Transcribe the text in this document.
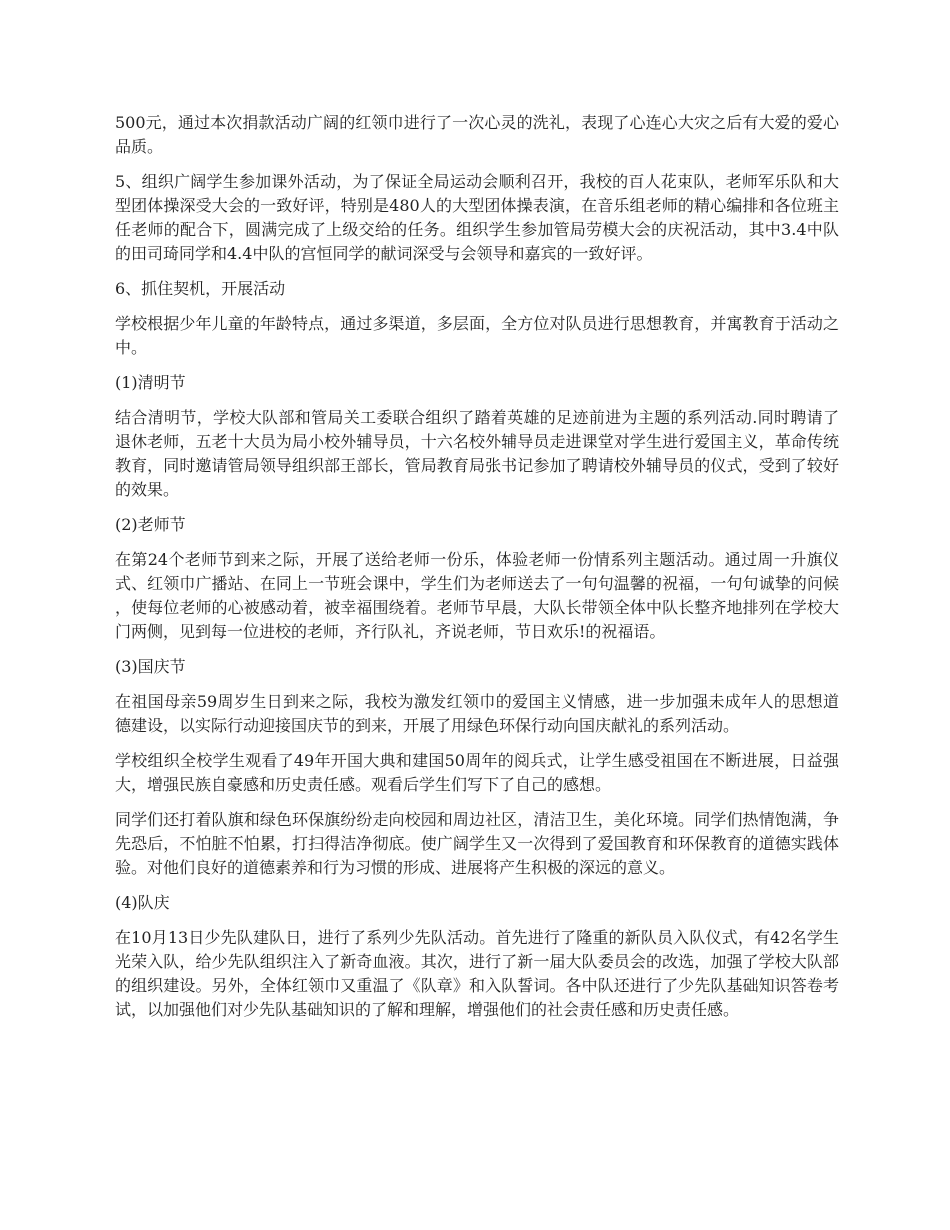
500元，通过本次捐款活动广阔的红领巾进行了一次心灵的洗礼，表现了心连心大灾之后有大爱的爱心品质。

5、组织广阔学生参加课外活动，为了保证全局运动会顺利召开，我校的百人花束队，老师军乐队和大型团体操深受大会的一致好评，特别是480人的大型团体操表演，在音乐组老师的精心编排和各位班主任老师的配合下，圆满完成了上级交给的任务。组织学生参加管局劳模大会的庆祝活动，其中3.4中队的田司琦同学和4.4中队的宫恒同学的献词深受与会领导和嘉宾的一致好评。

6、抓住契机，开展活动

学校根据少年儿童的年龄特点，通过多渠道，多层面，全方位对队员进行思想教育，并寓教育于活动之中。

(1)清明节

结合清明节，学校大队部和管局关工委联合组织了踏着英雄的足迹前进为主题的系列活动.同时聘请了退休老师，五老十大员为局小校外辅导员，十六名校外辅导员走进课堂对学生进行爱国主义，革命传统教育，同时邀请管局领导组织部王部长，管局教育局张书记参加了聘请校外辅导员的仪式，受到了较好的效果。

(2)老师节

在第24个老师节到来之际，开展了送给老师一份乐，体验老师一份情系列主题活动。通过周一升旗仪式、红领巾广播站、在同上一节班会课中，学生们为老师送去了一句句温馨的祝福，一句句诚挚的问候，使每位老师的心被感动着，被幸福围绕着。老师节早晨，大队长带领全体中队长整齐地排列在学校大门两侧，见到每一位进校的老师，齐行队礼，齐说老师，节日欢乐!的祝福语。

(3)国庆节

在祖国母亲59周岁生日到来之际，我校为激发红领巾的爱国主义情感，进一步加强未成年人的思想道德建设，以实际行动迎接国庆节的到来，开展了用绿色环保行动向国庆献礼的系列活动。

学校组织全校学生观看了49年开国大典和建国50周年的阅兵式，让学生感受祖国在不断进展，日益强大，增强民族自豪感和历史责任感。观看后学生们写下了自己的感想。

同学们还打着队旗和绿色环保旗纷纷走向校园和周边社区，清洁卫生，美化环境。同学们热情饱满，争先恐后，不怕脏不怕累，打扫得洁净彻底。使广阔学生又一次得到了爱国教育和环保教育的道德实践体验。对他们良好的道德素养和行为习惯的形成、进展将产生积极的深远的意义。

(4)队庆

在10月13日少先队建队日，进行了系列少先队活动。首先进行了隆重的新队员入队仪式，有42名学生光荣入队，给少先队组织注入了新奇血液。其次，进行了新一届大队委员会的改选，加强了学校大队部的组织建设。另外，全体红领巾又重温了《队章》和入队誓词。各中队还进行了少先队基础知识答卷考试，以加强他们对少先队基础知识的了解和理解，增强他们的社会责任感和历史责任感。
